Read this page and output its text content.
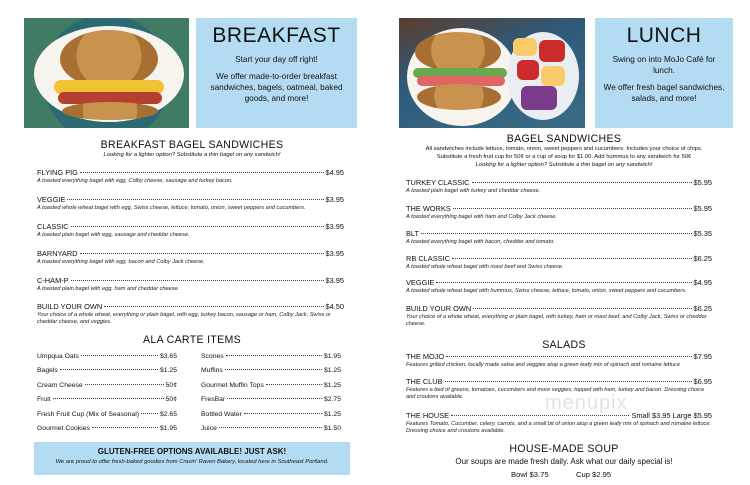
BREAKFAST

Start your day off right!

We offer made-to-order breakfast sandwiches, bagels, oatmeal, baked goods, and more!

BREAKFAST BAGEL SANDWICHES
Looking for a lighter option? Substitute a thin bagel on any sandwich!
FLYING PIG	$4.95
A toasted everything bagel with egg, Colby cheese, sausage and turkey bacon.
VEGGIE	$3.95
A toasted whole wheat bagel with egg, Swiss cheese, lettuce, tomato, onion, sweet peppers and cucumbers.
CLASSIC	$3.95
A toasted plain bagel with egg, sausage and cheddar cheese.
BARNYARD	$3.95
A toasted everything bagel with egg, bacon and Colby Jack cheese.
C-HAM-P	$3.95
A toasted plain bagel with egg, ham and cheddar cheese.
BUILD YOUR OWN	$4.50
Your choice of a whole wheat, everything or plain bagel, with egg, turkey bacon, sausage or ham, Colby Jack, Swiss or cheddar cheese, and veggies.
ALA CARTE ITEMS
Umpqua Oats	$3.65
Bagels	$1.25
Cream Cheese	50¢
Fruit	50¢
Fresh Fruit Cup (Mix of Seasonal)	$2.65
Gourmet Cookies	$1.95
Scones	$1.95
Muffins	$1.25
Gourmet Muffin Tops	$1.25
FresBar	$2.75
Bottled Water	$1.25
Juice	$1.50
GLUTEN-FREE OPTIONS AVAILABLE! JUST ASK!
We are proud to offer fresh-baked goodies from Cravin' Raven Bakery, located here in Southeast Portland.
LUNCH

Swing on into MoJo Café for lunch.

We offer fresh bagel sandwiches, salads, and more!

BAGEL SANDWICHES
All sandwiches include lettuce, tomato, onion, sweet peppers and cucumbers. Includes your choice of chips.
Substitute a fresh fruit cup for 50¢ or a cup of soup for $1.00. Add hummus to any sandwich for 50¢
Looking for a lighter option? Substitute a thin bagel on any sandwich!
TURKEY CLASSIC	$5.95
A toasted plain bagel with turkey and cheddar cheese.
THE WORKS	$5.95
A toasted everything bagel with ham and Colby Jack cheese.
BLT	$5.35
A toasted everything bagel with bacon, cheddar and tomato.
RB CLASSIC	$6.25
A toasted whole wheat bagel with roast beef and Swiss cheese.
VEGGIE	$4.95
A toasted whole wheat bagel with hummus, Swiss cheese, lettuce, tomato, onion, sweet peppers and cucumbers.
BUILD YOUR OWN	$6.25
Your choice of a whole wheat, everything or plain bagel, with turkey, ham or roast beef, and Colby Jack, Swiss or cheddar cheese.
SALADS
THE MOJO	$7.95
Features grilled chicken, locally made salsa and veggies atop a green leafy mix of spinach and romaine lettuce
THE CLUB	$6.95
Features a bed of greens, tomatoes, cucumbers and more veggies, topped with ham, turkey and bacon. Dressing choice and croutons available.
THE HOUSE	Small $3.95 Large $5.95
Features Tomato, Cucumber, celery, carrots, and a small bit of onion atop a green leafy mix of spinach and romaine lettuce. Dressing choice and croutons available.
HOUSE-MADE SOUP
Our soups are made fresh daily. Ask what our daily special is!
Bowl $3.75	Cup $2.95
menupix
